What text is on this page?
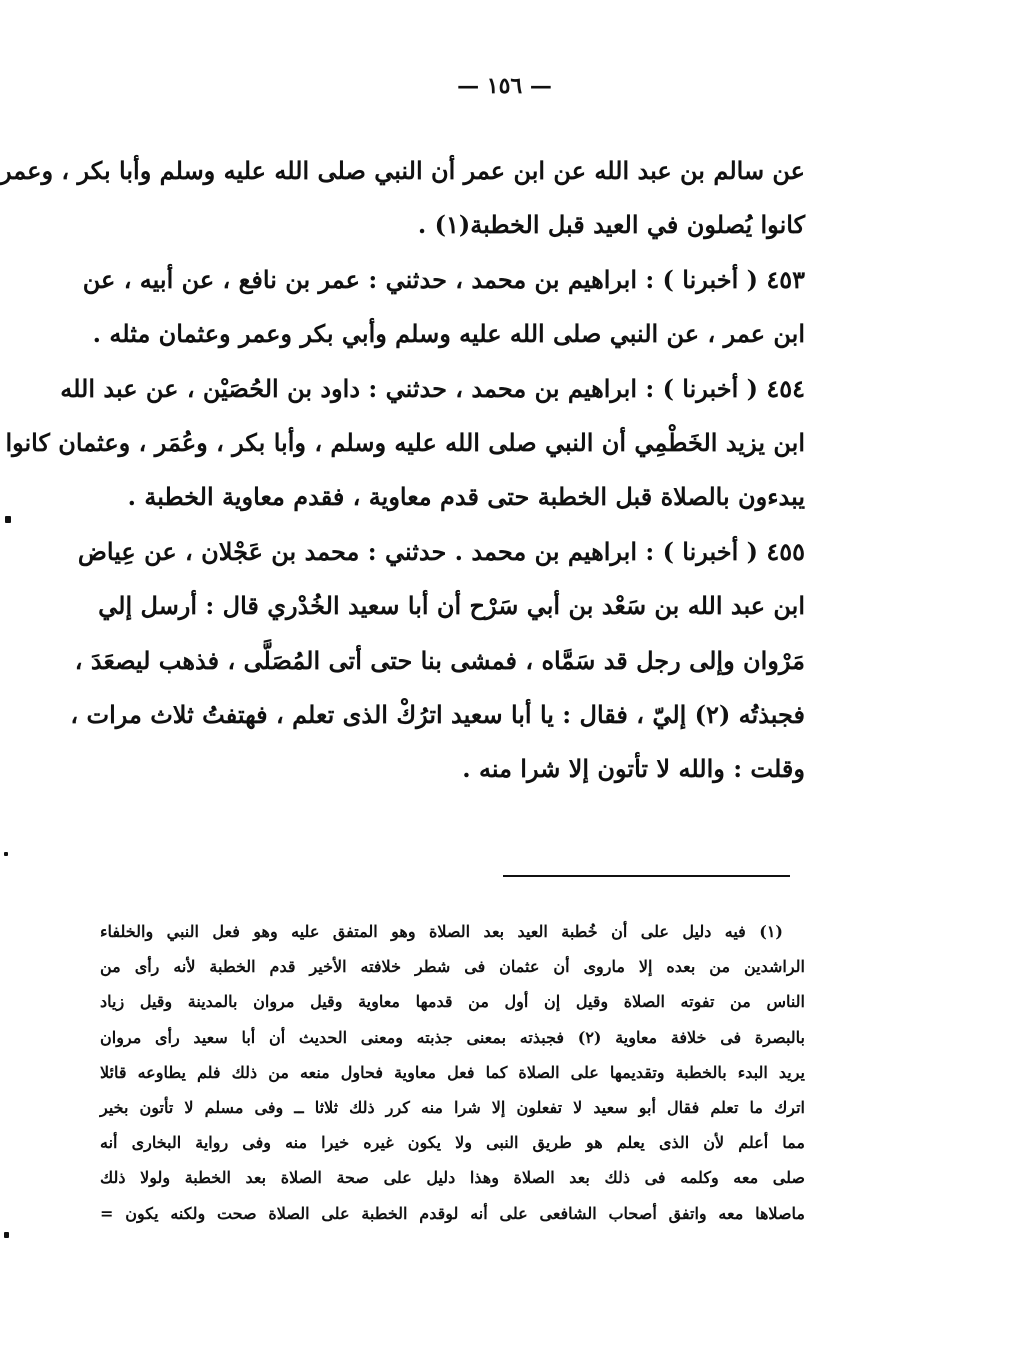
— ١٥٦ —
عن سالم بن عبد الله عن ابن عمر أن النبي صلى الله عليه وسلم وأبا بكر ، وعمر
كانوا يُصلون في العيد قبل الخطبة(١) .
٤٥٣ ( أخبرنا ) : ابراهيم بن محمد ، حدثني : عمر بن نافع ، عن أبيه ، عن
ابن عمر ، عن النبي صلى الله عليه وسلم وأبي بكر وعمر وعثمان مثله .
٤٥٤ ( أخبرنا ) : ابراهيم بن محمد ، حدثني : داود بن الحُصَيْن ، عن عبد الله
ابن يزيد الخَطْمِي أن النبي صلى الله عليه وسلم ، وأبا بكر ، وعُمَر ، وعثمان كانوا
يبدءون بالصلاة قبل الخطبة حتى قدم معاوية ، فقدم معاوية الخطبة .
٤٥٥ ( أخبرنا ) : ابراهيم بن محمد . حدثني : محمد بن عَجْلان ، عن عِياض
ابن عبد الله بن سَعْد بن أبي سَرْح أن أبا سعيد الخُدْري قال : أرسل إلي
مَرْوان وإلى رجل قد سَمَّاه ، فمشى بنا حتى أتى المُصَلَّى ، فذهب ليصعَدَ ،
فجبذتُه (٢) إليّ ، فقال : يا أبا سعيد اترُكْ الذى تعلم ، فهتفتُ ثلاث مرات ،
وقلت : والله لا تأتون إلا شرا منه .
(١) فيه دليل على أن خُطبة العيد بعد الصلاة وهو المتفق عليه وهو فعل النبي والخلفاء
الراشدين من بعده إلا ماروى أن عثمان فى شطر خلافته الأخير قدم الخطبة لأنه رأى من
الناس من تفوته الصلاة وقيل إن أول من قدمها معاوية وقيل مروان بالمدينة وقيل زياد
بالبصرة فى خلافة معاوية (٢) فجبذته بمعنى جذبته ومعنى الحديث أن أبا سعيد رأى مروان
يريد البدء بالخطبة وتقديمها على الصلاة كما فعل معاوية فحاول منعه من ذلك فلم يطاوعه قائلا
اترك ما تعلم فقال أبو سعيد لا تفعلون إلا شرا منه كرر ذلك ثلاثا ــ وفى مسلم لا تأتون بخير
مما أعلم لأن الذى يعلم هو طريق النبى ولا يكون غيره خيرا منه وفى رواية البخارى أنه
صلى معه وكلمه فى ذلك بعد الصلاة وهذا دليل على صحة الصلاة بعد الخطبة ولولا ذلك
ماصلاها معه واتفق أصحاب الشافعى على أنه لوقدم الخطبة على الصلاة صحت ولكنه يكون =
